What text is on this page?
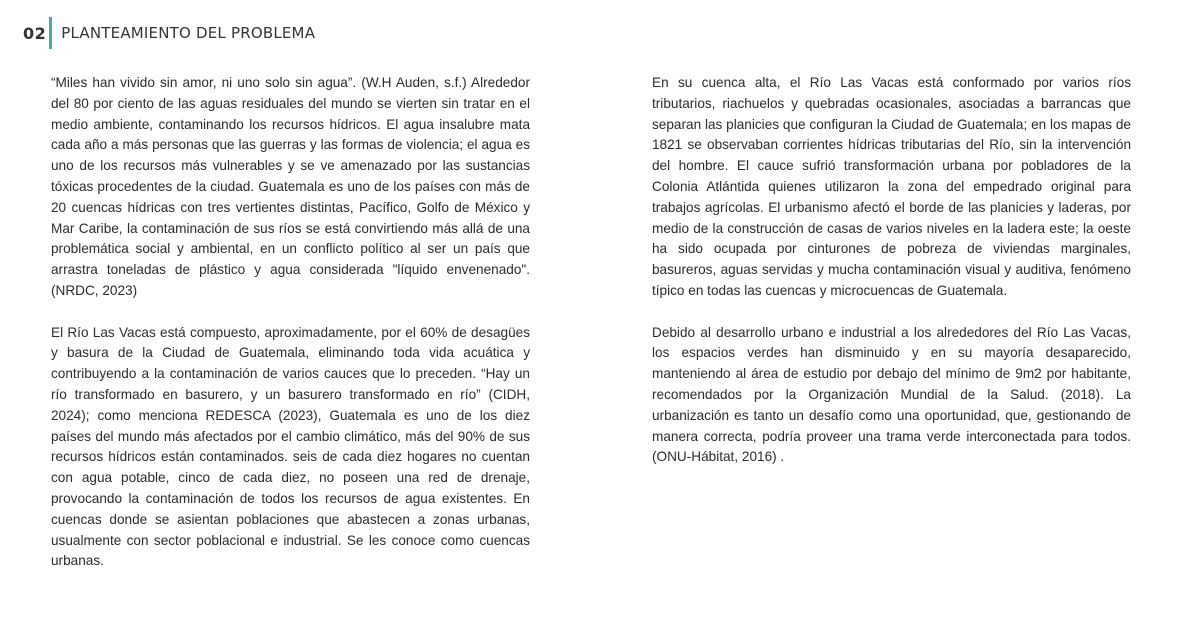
02 PLANTEAMIENTO DEL PROBLEMA

“Miles han vivido sin amor, ni uno solo sin agua”. (W.H Auden, s.f.) Alrededor del 80 por ciento de las aguas residuales del mundo se vierten sin tratar en el medio ambiente, contaminando los recursos hídricos. El agua insalubre mata cada año a más personas que las guerras y las formas de violencia; el agua es uno de los recursos más vulnerables y se ve amenazado por las sustancias tóxicas procedentes de la ciudad. Guatemala es uno de los países con más de 20 cuencas hídricas con tres vertientes distintas, Pacífico, Golfo de México y Mar Caribe, la contaminación de sus ríos se está convirtiendo más allá de una problemática social y ambiental, en un conflicto político al ser un país que arrastra toneladas de plástico y agua considerada "líquido envenenado". (NRDC, 2023)

El Río Las Vacas está compuesto, aproximadamente, por el 60% de desagües y basura de la Ciudad de Guatemala, eliminando toda vida acuática y contribuyendo a la contaminación de varios cauces que lo preceden. “Hay un río transformado en basurero, y un basurero transformado en río” (CIDH, 2024); como menciona REDESCA (2023), Guatemala es uno de los diez países del mundo más afectados por el cambio climático, más del 90% de sus recursos hídricos están contaminados. seis de cada diez hogares no cuentan con agua potable, cinco de cada diez, no poseen una red de drenaje, provocando la contaminación de todos los recursos de agua existentes. En cuencas donde se asientan poblaciones que abastecen a zonas urbanas, usualmente con sector poblacional e industrial. Se les conoce como cuencas urbanas.

En su cuenca alta, el Río Las Vacas está conformado por varios ríos tributarios, riachuelos y quebradas ocasionales, asociadas a barrancas que separan las planicies que configuran la Ciudad de Guatemala; en los mapas de 1821 se observaban corrientes hídricas tributarias del Río, sin la intervención del hombre. El cauce sufrió transformación urbana por pobladores de la Colonia Atlántida quienes utilizaron la zona del empedrado original para trabajos agrícolas. El urbanismo afectó el borde de las planicies y laderas, por medio de la construcción de casas de varios niveles en la ladera este; la oeste ha sido ocupada por cinturones de pobreza de viviendas marginales, basureros, aguas servidas y mucha contaminación visual y auditiva, fenómeno típico en todas las cuencas y microcuencas de Guatemala.

Debido al desarrollo urbano e industrial a los alrededores del Río Las Vacas, los espacios verdes han disminuido y en su mayoría desaparecido, manteniendo al área de estudio por debajo del mínimo de 9m2 por habitante, recomendados por la Organización Mundial de la Salud. (2018). La urbanización es tanto un desafío como una oportunidad, que, gestionando de manera correcta, podría proveer una trama verde interconectada para todos. (ONU-Hábitat, 2016) .
